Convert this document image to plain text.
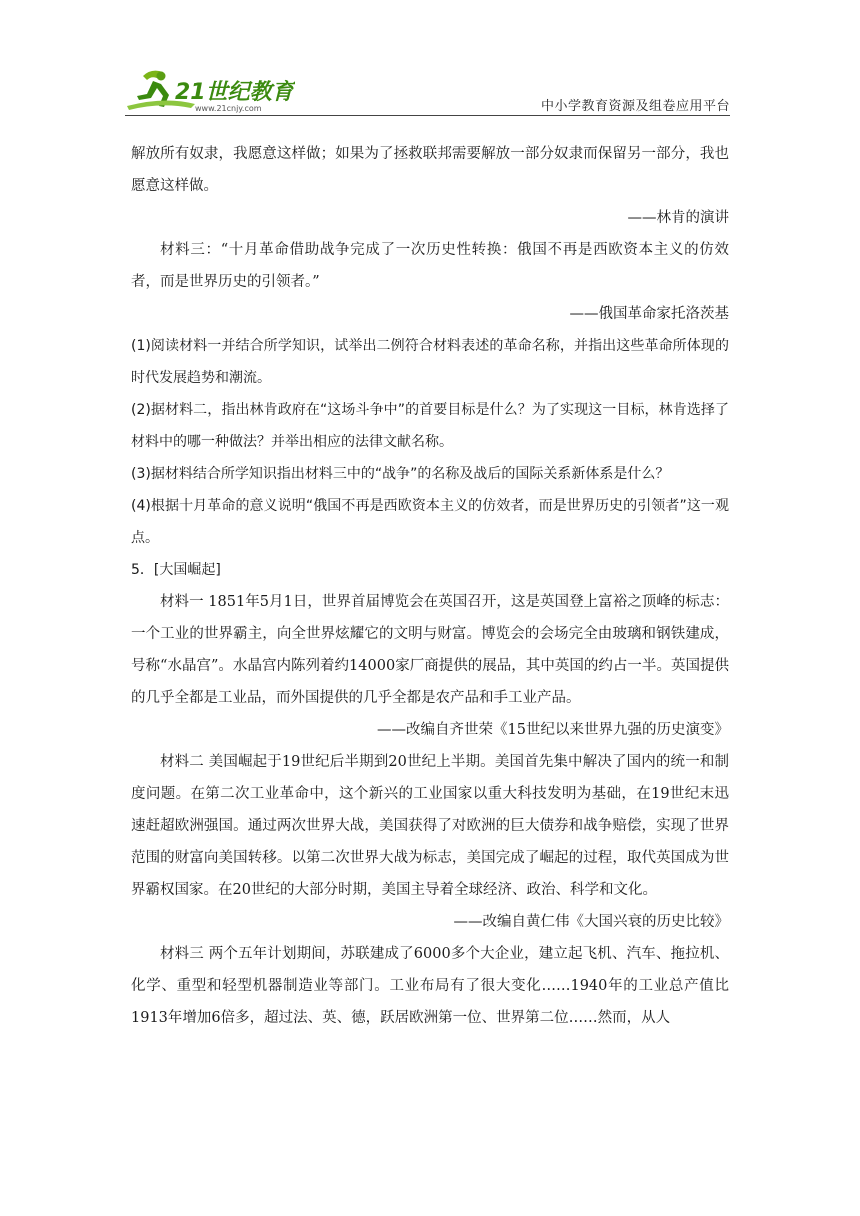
21世纪教育
www.21cnjy.com	中小学教育资源及组卷应用平台

解放所有奴隶，我愿意这样做；如果为了拯救联邦需要解放一部分奴隶而保留另一部分，我也愿意这样做。

——林肯的演讲

材料三：“十月革命借助战争完成了一次历史性转换：俄国不再是西欧资本主义的仿效者，而是世界历史的引领者。”

——俄国革命家托洛茨基

(1)阅读材料一并结合所学知识，试举出二例符合材料表述的革命名称，并指出这些革命所体现的时代发展趋势和潮流。

(2)据材料二，指出林肯政府在“这场斗争中”的首要目标是什么？为了实现这一目标，林肯选择了材料中的哪一种做法？并举出相应的法律文献名称。

(3)据材料结合所学知识指出材料三中的“战争”的名称及战后的国际关系新体系是什么？

(4)根据十月革命的意义说明“俄国不再是西欧资本主义的仿效者，而是世界历史的引领者”这一观点。

5．[大国崛起]

材料一 1851年5月1日，世界首届博览会在英国召开，这是英国登上富裕之顶峰的标志：一个工业的世界霸主，向全世界炫耀它的文明与财富。博览会的会场完全由玻璃和钢铁建成，号称“水晶宫”。水晶宫内陈列着约14000家厂商提供的展品，其中英国的约占一半。英国提供的几乎全都是工业品，而外国提供的几乎全都是农产品和手工业产品。

——改编自齐世荣《15世纪以来世界九强的历史演变》

材料二 美国崛起于19世纪后半期到20世纪上半期。美国首先集中解决了国内的统一和制度问题。在第二次工业革命中，这个新兴的工业国家以重大科技发明为基础，在19世纪末迅速赶超欧洲强国。通过两次世界大战，美国获得了对欧洲的巨大债券和战争赔偿，实现了世界范围的财富向美国转移。以第二次世界大战为标志，美国完成了崛起的过程，取代英国成为世界霸权国家。在20世纪的大部分时期，美国主导着全球经济、政治、科学和文化。

——改编自黄仁伟《大国兴衰的历史比较》

材料三 两个五年计划期间，苏联建成了6000多个大企业，建立起飞机、汽车、拖拉机、化学、重型和轻型机器制造业等部门。工业布局有了很大变化……1940年的工业总产值比1913年增加6倍多，超过法、英、德，跃居欧洲第一位、世界第二位……然而，从人
